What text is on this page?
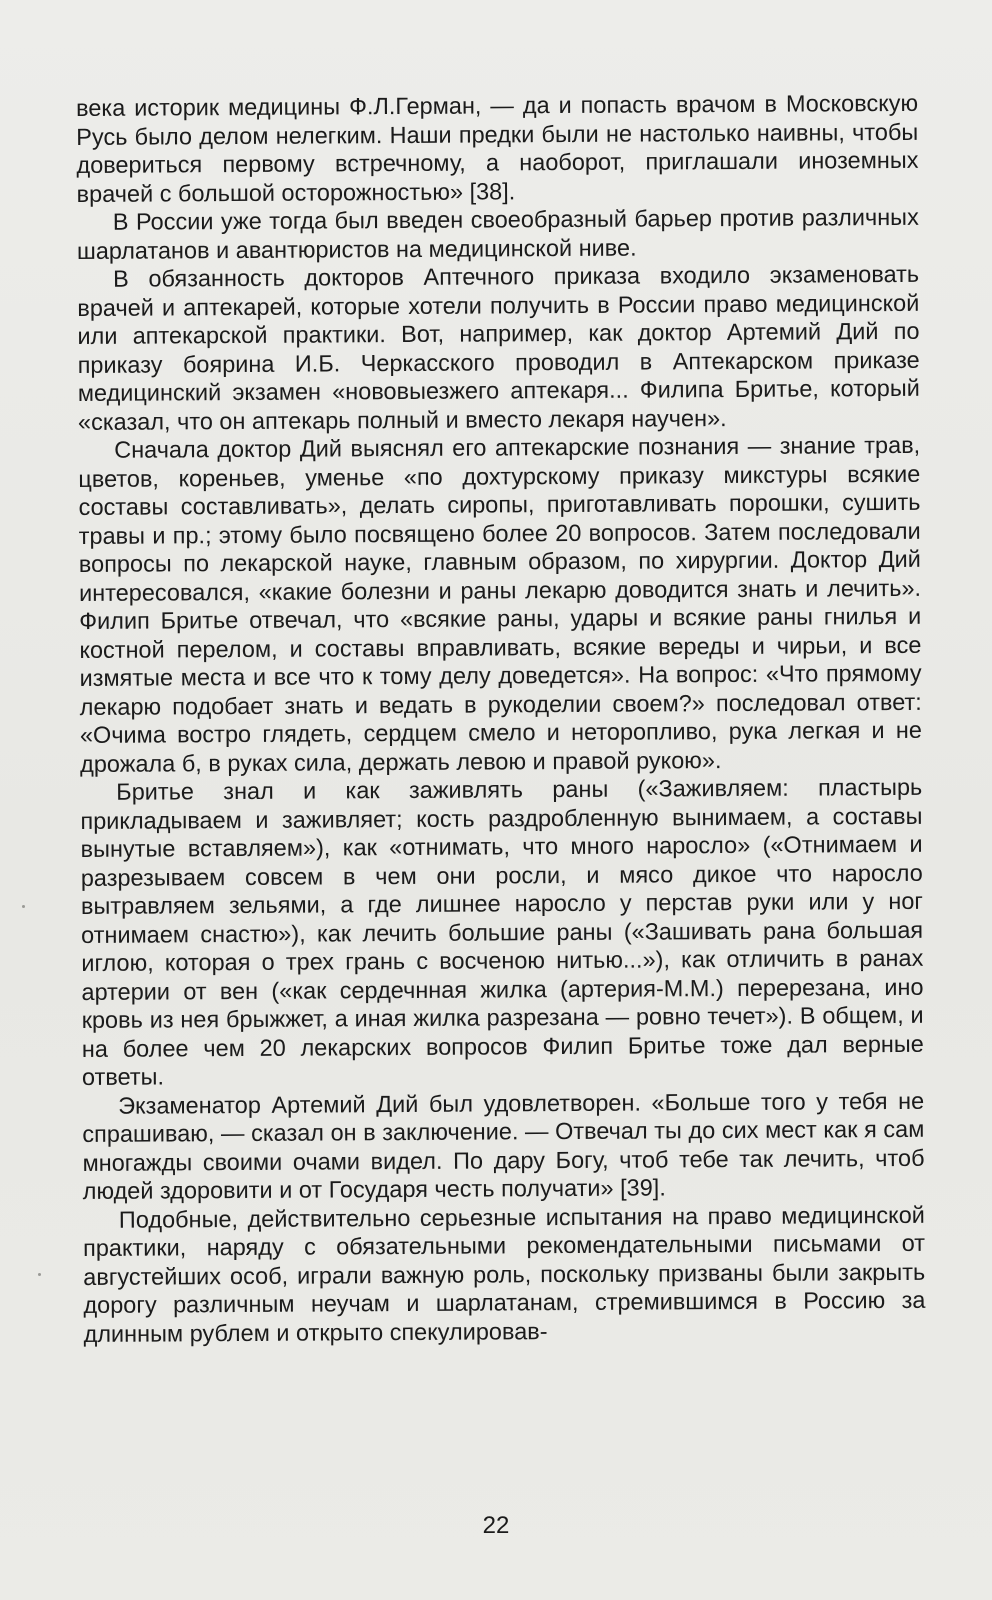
века историк медицины Ф.Л.Герман, — да и попасть врачом в Московскую Русь было делом нелегким. Наши предки были не настолько наивны, чтобы довериться первому встречному, а наоборот, приглашали иноземных врачей с большой осторожностью» [38].

В России уже тогда был введен своеобразный барьер против различных шарлатанов и авантюристов на медицинской ниве.

В обязанность докторов Аптечного приказа входило экзаменовать врачей и аптекарей, которые хотели получить в России право медицинской или аптекарской практики. Вот, например, как доктор Артемий Дий по приказу боярина И.Б. Черкасского проводил в Аптекарском приказе медицинский экзамен «нововыезжего аптекаря... Филипа Бритье, который «сказал, что он аптекарь полный и вместо лекаря научен».

Сначала доктор Дий выяснял его аптекарские познания — знание трав, цветов, кореньев, уменье «по дохтурскому приказу микстуры всякие составы составливать», делать сиропы, приготавливать порошки, сушить травы и пр.; этому было посвящено более 20 вопросов. Затем последовали вопросы по лекарской науке, главным образом, по хирургии. Доктор Дий интересовался, «какие болезни и раны лекарю доводится знать и лечить». Филип Бритье отвечал, что «всякие раны, удары и всякие раны гнилья и костной перелом, и составы вправливать, всякие вереды и чирьи, и все измятые места и все что к тому делу доведется». На вопрос: «Что прямому лекарю подобает знать и ведать в рукоделии своем?» последовал ответ: «Очима востро глядеть, сердцем смело и неторопливо, рука легкая и не дрожала б, в руках сила, держать левою и правой рукою».

Бритье знал и как заживлять раны («Заживляем: пластырь прикладываем и заживляет; кость раздробленную вынимаем, а составы вынутые вставляем»), как «отнимать, что много наросло» («Отнимаем и разрезываем совсем в чем они росли, и мясо дикое что наросло вытравляем зельями, а где лишнее наросло у перстав руки или у ног отнимаем снастю»), как лечить большие раны («Зашивать рана большая иглою, которая о трех грань с восченою нитью...»), как отличить в ранах артерии от вен («как сердечнная жилка (артерия-М.М.) перерезана, ино кровь из нея брыжжет, а иная жилка разрезана — ровно течет»). В общем, и на более чем 20 лекарских вопросов Филип Бритье тоже дал верные ответы.

Экзаменатор Артемий Дий был удовлетворен. «Больше того у тебя не спрашиваю, — сказал он в заключение. — Отвечал ты до сих мест как я сам многажды своими очами видел. По дару Богу, чтоб тебе так лечить, чтоб людей здоровити и от Государя честь получати» [39].

Подобные, действительно серьезные испытания на право медицинской практики, наряду с обязательными рекомендательными письмами от августейших особ, играли важную роль, поскольку призваны были закрыть дорогу различным неучам и шарлатанам, стремившимся в Россию за длинным рублем и открыто спекулировав-

22
